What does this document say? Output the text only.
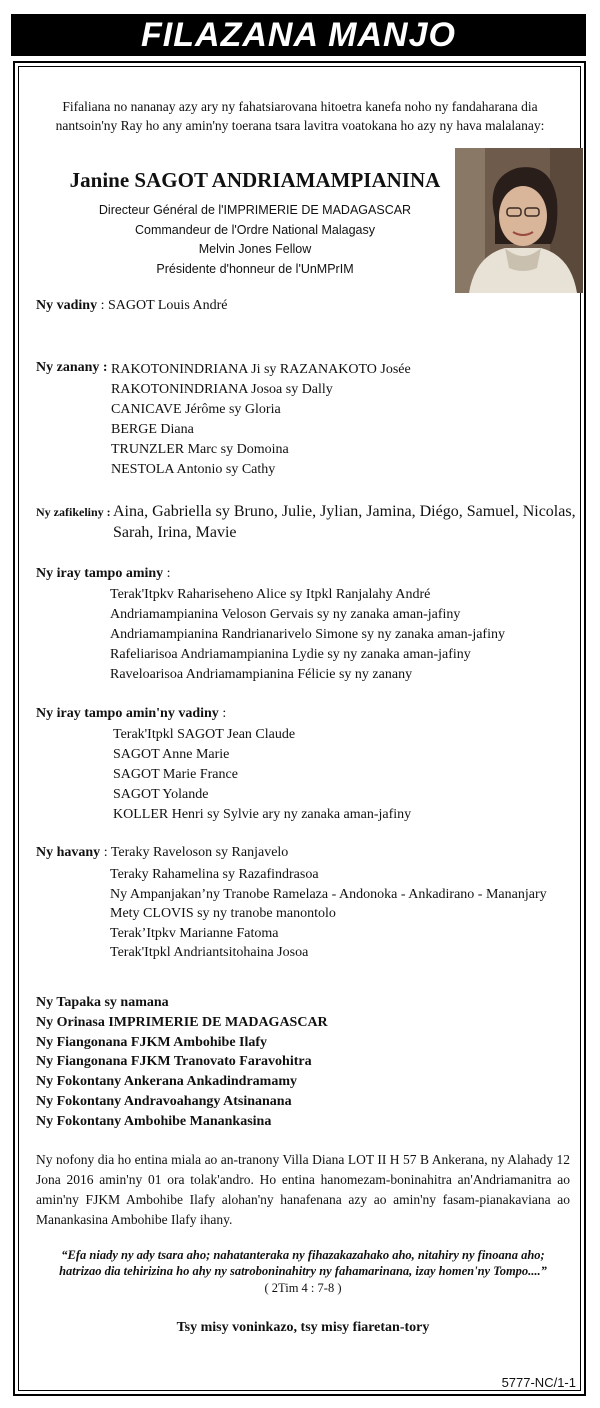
FILAZANA MANJO
Fifaliana no nananay azy ary ny fahatsiarovana hitoetra kanefa noho ny fandaharana dia nantsoin'ny Ray ho any amin'ny toerana tsara lavitra voatokana ho azy ny hava malalanay:
Janine SAGOT ANDRIAMAMPIANINA
Directeur Général de l'IMPRIMERIE DE MADAGASCAR
Commandeur de l'Ordre National Malagasy
Melvin Jones Fellow
Présidente d'honneur de l'UnMPrIM
Ny vadiny : SAGOT Louis André
Ny zanany : RAKOTONINDRIANA Ji sy RAZANAKOTO Josée
RAKOTONINDRIANA Josoa sy Dally
CANICAVE Jérôme sy Gloria
BERGE Diana
TRUNZLER Marc sy Domoina
NESTOLA Antonio sy Cathy
Ny zafikeliny : Aina, Gabriella sy Bruno, Julie, Jylian, Jamina, Diégo, Samuel, Nicolas,
Sarah, Irina, Mavie
Ny iray tampo aminy :
Terak'Itpkv Rahariseheno Alice sy Itpkl Ranjalahy André
Andriamampianina Veloson Gervais sy ny zanaka aman-jafiny
Andriamampianina Randrianarivelo Simone sy ny zanaka aman-jafiny
Rafeliarisoa Andriamampianina Lydie sy ny zanaka aman-jafiny
Raveloarisoa Andriamampianina Félicie sy ny zanany
Ny iray tampo amin'ny vadiny :
Terak'Itpkl SAGOT Jean Claude
SAGOT Anne Marie
SAGOT Marie France
SAGOT Yolande
KOLLER Henri sy Sylvie ary ny zanaka aman-jafiny
Ny havany : Teraky Raveloson sy Ranjavelo
Teraky Rahamelina sy Razafindrasoa
Ny Ampanjakan’ny Tranobe Ramelaza - Andonoka - Ankadirano - Mananjary
Mety CLOVIS sy ny tranobe manontolo
Terak’Itpkv Marianne Fatoma
Terak'Itpkl Andriantsitohaina Josoa
Ny Tapaka sy namana
Ny Orinasa IMPRIMERIE DE MADAGASCAR
Ny Fiangonana FJKM Ambohibe Ilafy
Ny Fiangonana FJKM Tranovato Faravohitra
Ny Fokontany Ankerana Ankadindramamy
Ny Fokontany Andravoahangy Atsinanana
Ny Fokontany Ambohibe Manankasina
Ny nofony dia ho entina miala ao an-tranony Villa Diana LOT II H 57 B Ankerana, ny Alahady 12 Jona 2016 amin'ny 01 ora tolak'andro. Ho entina hanomezam-boninahitra an'Andriamanitra ao amin'ny FJKM Ambohibe Ilafy alohan'ny hanafenana azy ao amin'ny fasam-pianakaviana ao Manankasina Ambohibe Ilafy ihany.
“Efa niady ny ady tsara aho; nahatanteraka ny fihazakazahako aho, nitahiry ny finoana aho;
hatrizao dia tehirizina ho ahy ny satroboninahitry ny fahamarinana, izay homen'ny Tompo....”
( 2Tim 4 : 7-8 )
Tsy misy voninkazo, tsy misy fiaretan-tory
5777-NC/1-1
